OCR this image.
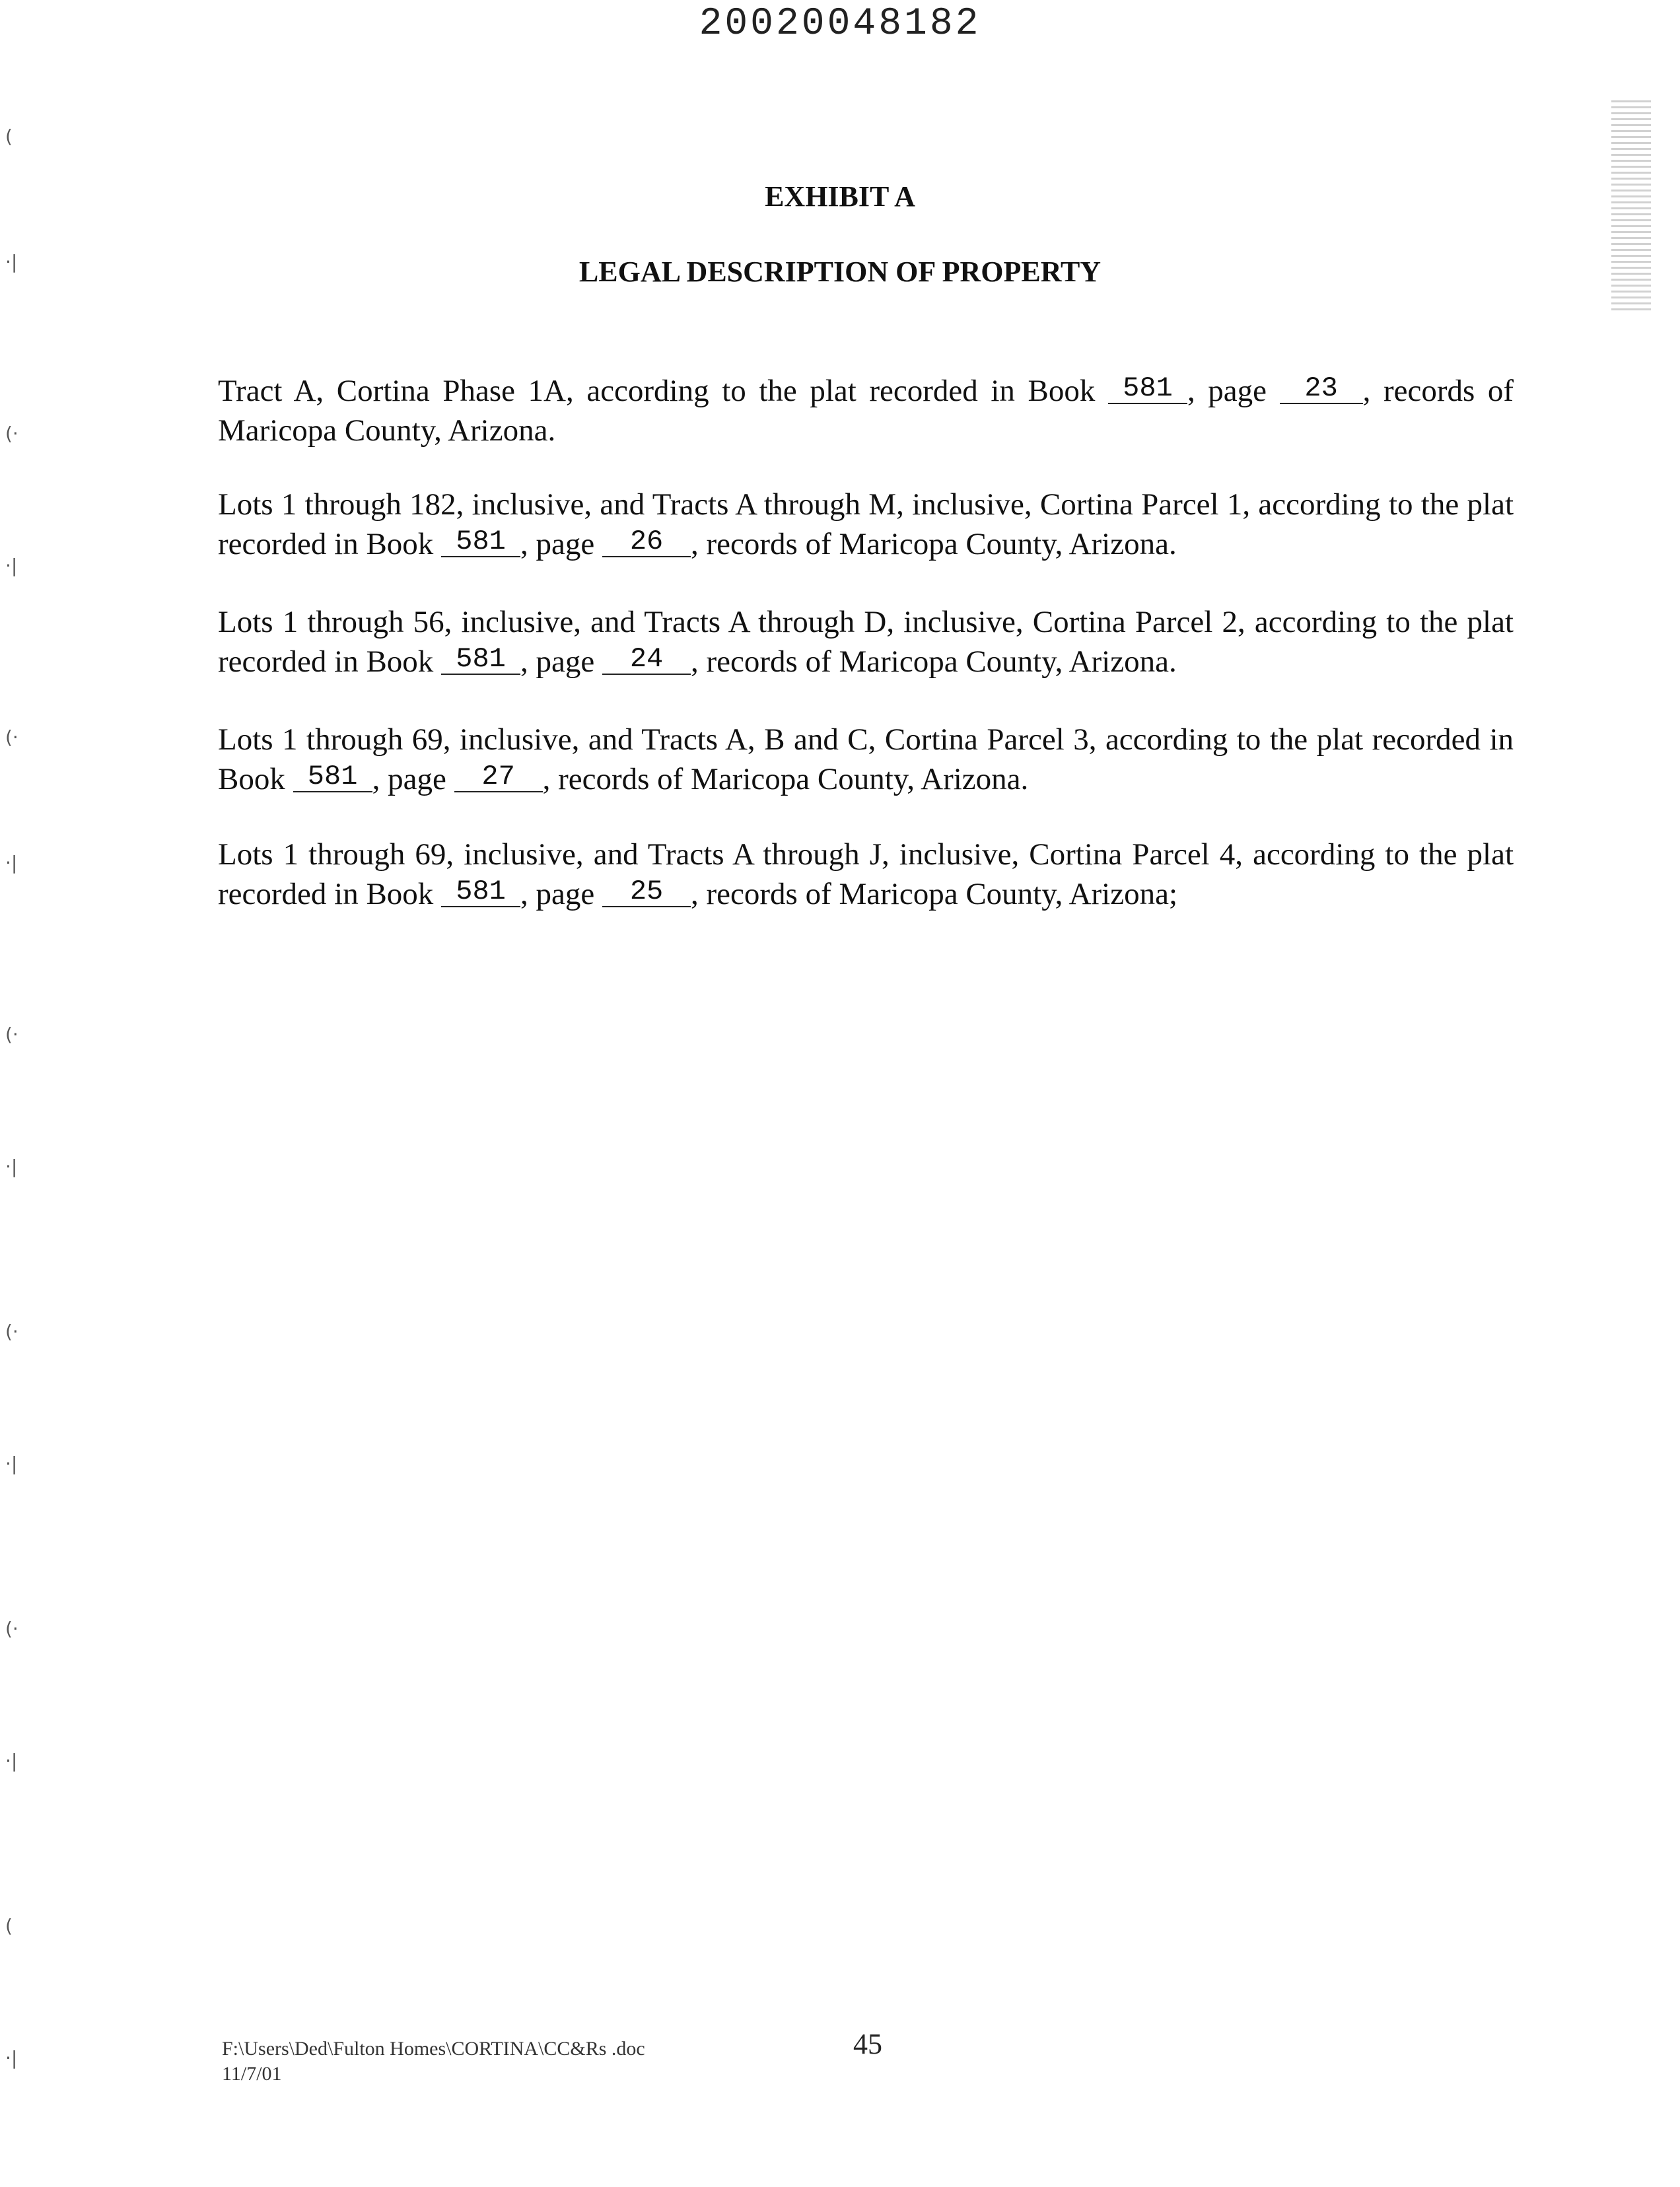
20020048182
(
·|
(·
·|
(·
·|
(·
·|
(·
·|
(·
·|
(
·|
EXHIBIT A
LEGAL DESCRIPTION OF PROPERTY
Tract A, Cortina Phase 1A, according to the plat recorded in Book 581 , page 23 , records of Maricopa County, Arizona.
Lots 1 through 182, inclusive, and Tracts A through M, inclusive, Cortina Parcel 1, according to the plat recorded in Book 581 , page 26 , records of Maricopa County, Arizona.
Lots 1 through 56, inclusive, and Tracts A through D, inclusive, Cortina Parcel 2, according to the plat recorded in Book 581 , page 24 , records of Maricopa County, Arizona.
Lots 1 through 69, inclusive, and Tracts A, B and C, Cortina Parcel 3, according to the plat recorded in Book 581 , page 27 , records of Maricopa County, Arizona.
Lots 1 through 69, inclusive, and Tracts A through J, inclusive, Cortina Parcel 4, according to the plat recorded in Book 581 , page 25 , records of Maricopa County, Arizona;
F:\Users\Ded\Fulton Homes\CORTINA\CC&Rs .doc
11/7/01
45
